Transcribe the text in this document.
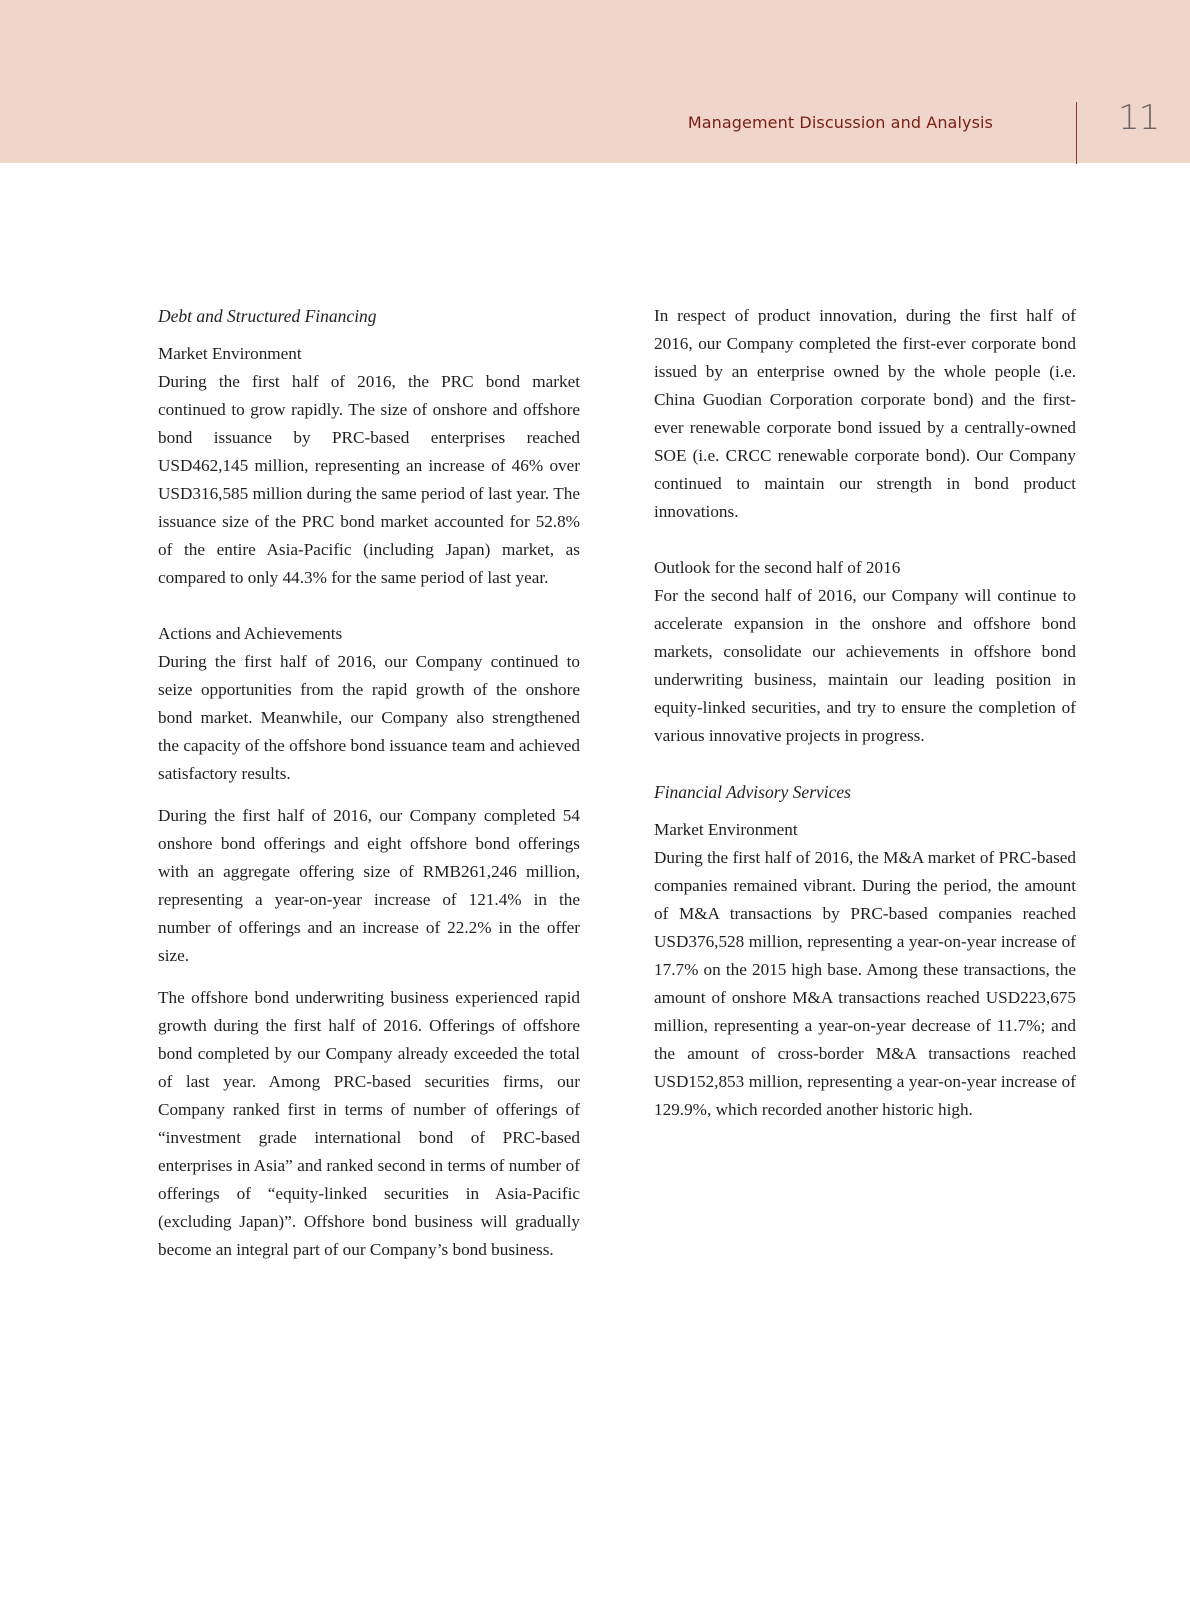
Management Discussion and Analysis	11
Debt and Structured Financing
Market Environment

During the first half of 2016, the PRC bond market continued to grow rapidly. The size of onshore and offshore bond issuance by PRC-based enterprises reached USD462,145 million, representing an increase of 46% over USD316,585 million during the same period of last year. The issuance size of the PRC bond market accounted for 52.8% of the entire Asia-Pacific (including Japan) market, as compared to only 44.3% for the same period of last year.

Actions and Achievements

During the first half of 2016, our Company continued to seize opportunities from the rapid growth of the onshore bond market. Meanwhile, our Company also strengthened the capacity of the offshore bond issuance team and achieved satisfactory results.

During the first half of 2016, our Company completed 54 onshore bond offerings and eight offshore bond offerings with an aggregate offering size of RMB261,246 million, representing a year-on-year increase of 121.4% in the number of offerings and an increase of 22.2% in the offer size.

The offshore bond underwriting business experienced rapid growth during the first half of 2016. Offerings of offshore bond completed by our Company already exceeded the total of last year. Among PRC-based securities firms, our Company ranked first in terms of number of offerings of “investment grade international bond of PRC-based enterprises in Asia” and ranked second in terms of number of offerings of “equity-linked securities in Asia-Pacific (excluding Japan)”. Offshore bond business will gradually become an integral part of our Company’s bond business.

In respect of product innovation, during the first half of 2016, our Company completed the first-ever corporate bond issued by an enterprise owned by the whole people (i.e. China Guodian Corporation corporate bond) and the first-ever renewable corporate bond issued by a centrally-owned SOE (i.e. CRCC renewable corporate bond). Our Company continued to maintain our strength in bond product innovations.

Outlook for the second half of 2016

For the second half of 2016, our Company will continue to accelerate expansion in the onshore and offshore bond markets, consolidate our achievements in offshore bond underwriting business, maintain our leading position in equity-linked securities, and try to ensure the completion of various innovative projects in progress.

Financial Advisory Services
Market Environment

During the first half of 2016, the M&A market of PRC-based companies remained vibrant. During the period, the amount of M&A transactions by PRC-based companies reached USD376,528 million, representing a year-on-year increase of 17.7% on the 2015 high base. Among these transactions, the amount of onshore M&A transactions reached USD223,675 million, representing a year-on-year decrease of 11.7%; and the amount of cross-border M&A transactions reached USD152,853 million, representing a year-on-year increase of 129.9%, which recorded another historic high.
